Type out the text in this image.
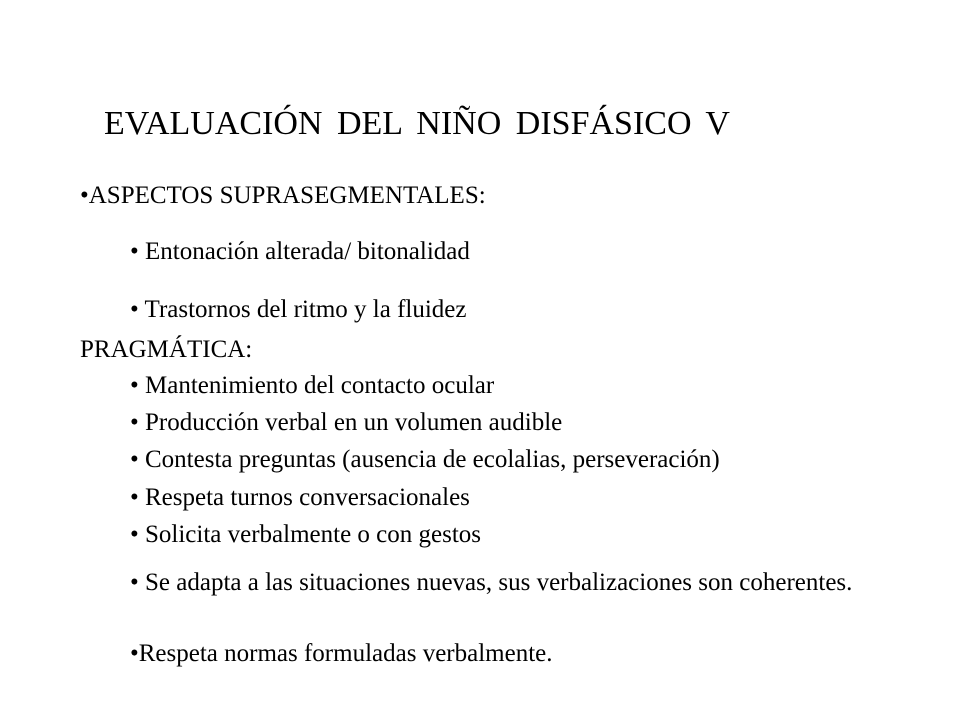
EVALUACIÓN DEL NIÑO DISFÁSICO V
•ASPECTOS SUPRASEGMENTALES:
• Entonación alterada/ bitonalidad
• Trastornos del ritmo y la fluidez
PRAGMÁTICA:
• Mantenimiento del contacto ocular
• Producción verbal en un volumen audible
• Contesta preguntas (ausencia de ecolalias, perseveración)
• Respeta turnos conversacionales
• Solicita verbalmente o con gestos
• Se adapta a las situaciones nuevas, sus verbalizaciones son coherentes.
•Respeta normas formuladas verbalmente.
